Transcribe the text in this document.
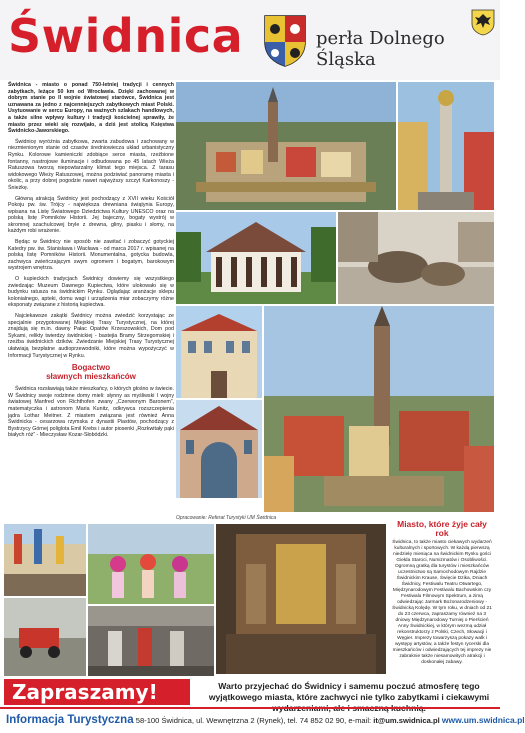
Świdnica	perła Dolnego Śląska

Świdnica - miasto o ponad 750-letniej tradycji i cennych zabytkach, leżące 50 km od Wrocławia. Dzięki zachowanej w dobrym stanie po II wojnie światowej starówce, Świdnica jest uznawana za jedno z najcenniejszych zabytkowych miast Polski. Usytuowanie w sercu Europy, na ważnych szlakach handlowych, a także silne wpływy kultury i tradycji kościelnej sprawiły, że miasto przez wieki się rozwijało, a dziś jest stolicą Księstwa Świdnicko-Jaworskiego.

Świdnicę wyróżnia zabytkowa, zwarta zabudowa i zachowany w niezmienionym stanie od czasów średniowiecza układ urbanistyczny Rynku. Kolorowe kamieniczki zdobiące serce miasta, rzeźbione fontanny, nastrojowe iluminacje i odbudowana po 45 latach Wieża Ratuszowa tworzą niepowtarzalny klimat tego miejsca. Z tarasu widokowego Wieży Ratuszowej, można podziwiać panoramę miasta i okolic, a przy dobrej pogodzie nawet najwyższy szczyt Karkonoszy - Śnieżkę.

Główną atrakcją Świdnicy jest pochodzący z XVII wieku Kościół Pokoju pw. św. Trójcy - największa drewniana świątynia Europy, wpisana na Listę Światowego Dziedzictwa Kultury UNESCO oraz na polską listę Pomników Historii. Jej bajeczny, bogaty wystrój w skromnej szachulcowej bryle z drewna, gliny, piasku i słomy, na każdym robi wrażenie.

Będąc w Świdnicy nie sposób nie zawitać i zobaczyć gotyckiej Katedry pw. św. Stanisława i Wacława - od marca 2017 r. wpisanej na polską listę Pomników Historii. Monumentalna, gotycka budowla, zachwyca zwieńczającym swym ogromem i bogatym, barokowym wystrojem wnętrza.

O kupieckich tradycjach Świdnicy dowiemy się wszystkiego zwiedzając Muzeum Dawnego Kupiectwa, które ulokowało się w budynku ratusza na świdnickim Rynku. Oglądając aranżacje sklepu kolonialnego, apteki, domu wagi i urządzenia miar zobaczymy różne eksponaty związane z historią kupiectwa.

Najciekawsze zakątki Świdnicy można zwiedzić korzystając ze specjalnie przygotowanej Miejskiej Trasy Turystycznej, na której znajdują się m.in. dawny Pałac Opatów Krzeszowskich, Dom pod Sykami, relikty twierdzy świdnickiej - bastejia Bramy Strzegomskiej i rzeźba świdnickich dzików. Zwiedzanie Miejskiej Trasy Turystycznej ułatwiają bezpłatne audioprzewodniki, które można wypożyczyć w Informacji Turystycznej w Rynku.

Bogactwo
sławnych mieszkańców

Świdnica rozsławiają także mieszkańcy, o których głośno w świecie. W Świdnicy swoje rodzinne domy mieli: słynny as myśliwski I wojny światowej Manfred von Richthofen zwany „Czerwonym Baronem”, matematyczka i astronom Maria Kunitz, odkrywca rozszczepienia jądra Lothar Meitner. Z miastem związana jest również Anna Świdnicka - cesarzowa rzymska z dynastii Piastów, pochodzący z Bystrzycy Górnej poliglota Emil Krebs i autor piosenki „Rozkwitały pąki białych róż” - Mieczysław Kozar-Słobódzki.

Opracowanie: Referat Turystyki UM Świdnica
Miasto, które żyje cały rok

Świdnica, to także miasto ciekawych wydarzeń kulturalnych i sportowych. W każdą pierwszą niedzielę miesiąca na świdnickim Rynku gości Giełda Staroci, Numizmatów i Osobliwości. Ogromną gratką dla turystów i mieszkańców uczestnictwo są Samochodowym Rajdzie Świdnickim Krause, Święcie Dzika, Dniach Świdnicy, Festiwalu Teatru Otwartego, Międzynarodowym Festiwalu Bachowskim czy Festiwalu Filmowym Spektrum, a zimą odwiedzając Jarmark Bożonarodzeniowy - Świdnicką Kolędę. W tym roku, w dniach od 21 do 23 czerwca, zapraszamy również na 3 dniowy Międzynarodowy Turniej o Pierścień Anny Świdnickiej, w którym wezmą udział rekonstruktorzy z Polski, Czech, Słowacji i Węgier. Imprezy towarzyszą pokazy walk i występy artystów, a także festyn rycerski dla mieszkańców i odwiedzających tej imprezy nie zabraknie także niesamowitych atrakcji i doskonałej zabawy.

Zapraszamy!	Warto przyjechać do Świdnicy i samemu poczuć atmosferę tego wyjątkowego miasta, które zachwyci nie tylko zabytkami i ciekawymi
Informacja Turystyczna 58-100 Świdnica, ul. Wewnętrzna 2 (Rynek), tel. 74 852 02 90, e-mail: it@um.swidnica.pl www.um.swidnica.pl
